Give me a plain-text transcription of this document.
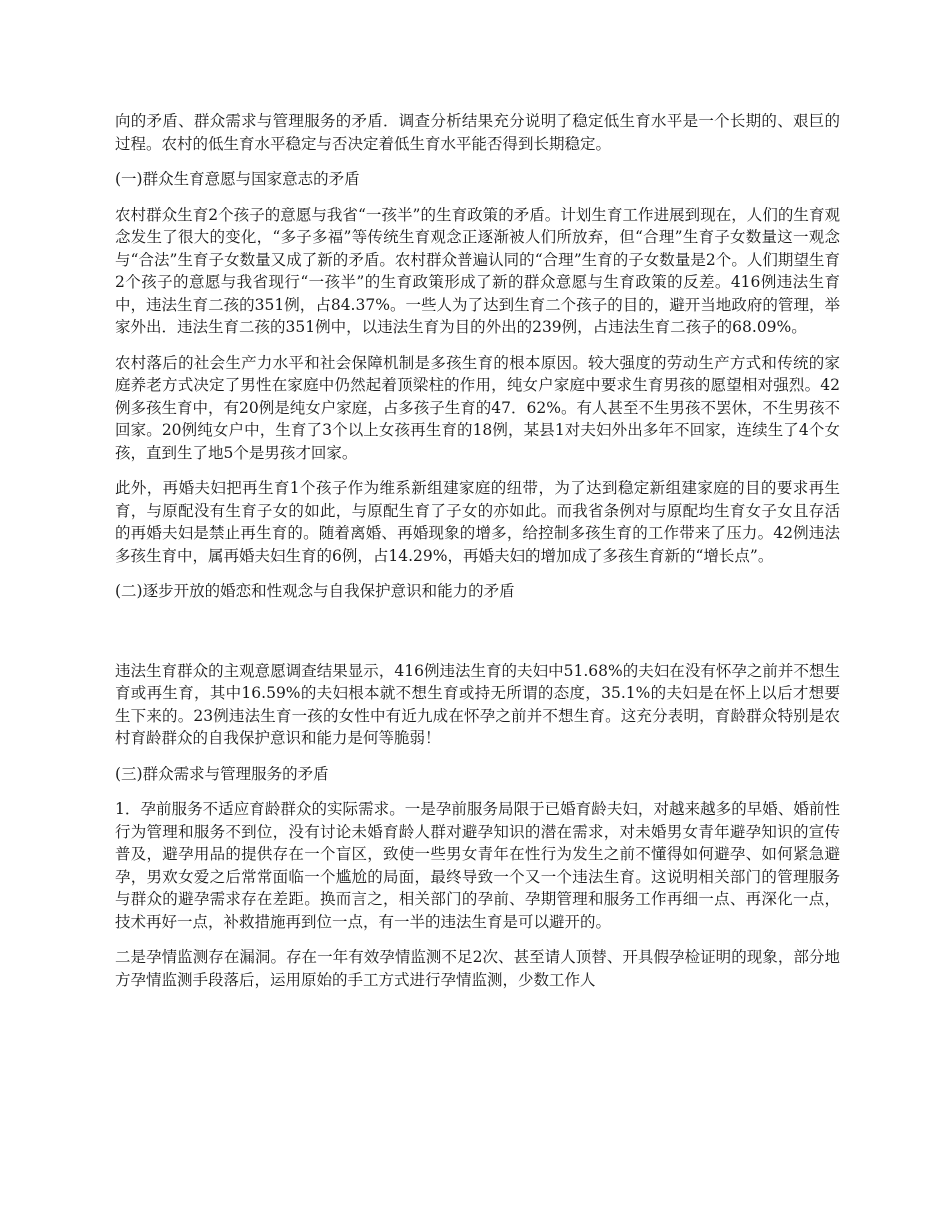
向的矛盾、群众需求与管理服务的矛盾．调查分析结果充分说明了稳定低生育水平是一个长期的、艰巨的过程。农村的低生育水平稳定与否决定着低生育水平能否得到长期稳定。

(一)群众生育意愿与国家意志的矛盾

农村群众生育2个孩子的意愿与我省“一孩半”的生育政策的矛盾。计划生育工作进展到现在，人们的生育观念发生了很大的变化，“多子多福”等传统生育观念正逐渐被人们所放弃，但“合理”生育子女数量这一观念与“合法”生育子女数量又成了新的矛盾。农村群众普遍认同的“合理”生育的子女数量是2个。人们期望生育2个孩子的意愿与我省现行“一孩半”的生育政策形成了新的群众意愿与生育政策的反差。416例违法生育中，违法生育二孩的351例，占84.37%。一些人为了达到生育二个孩子的目的，避开当地政府的管理，举家外出．违法生育二孩的351例中，以违法生育为目的外出的239例，占违法生育二孩子的68.09%。

农村落后的社会生产力水平和社会保障机制是多孩生育的根本原因。较大强度的劳动生产方式和传统的家庭养老方式决定了男性在家庭中仍然起着顶梁柱的作用，纯女户家庭中要求生育男孩的愿望相对强烈。42例多孩生育中，有20例是纯女户家庭，占多孩子生育的47．62%。有人甚至不生男孩不罢休，不生男孩不回家。20例纯女户中，生育了3个以上女孩再生育的18例，某县1对夫妇外出多年不回家，连续生了4个女孩，直到生了地5个是男孩才回家。

此外，再婚夫妇把再生育1个孩子作为维系新组建家庭的纽带，为了达到稳定新组建家庭的目的要求再生育，与原配没有生育子女的如此，与原配生育了子女的亦如此。而我省条例对与原配均生育女子女且存活的再婚夫妇是禁止再生育的。随着离婚、再婚现象的增多，给控制多孩生育的工作带来了压力。42例违法多孩生育中，属再婚夫妇生育的6例，占14.29%，再婚夫妇的增加成了多孩生育新的“增长点”。

(二)逐步开放的婚恋和性观念与自我保护意识和能力的矛盾

违法生育群众的主观意愿调查结果显示，416例违法生育的夫妇中51.68%的夫妇在没有怀孕之前并不想生育或再生育，其中16.59%的夫妇根本就不想生育或持无所谓的态度，35.1%的夫妇是在怀上以后才想要生下来的。23例违法生育一孩的女性中有近九成在怀孕之前并不想生育。这充分表明，育龄群众特别是农村育龄群众的自我保护意识和能力是何等脆弱！

(三)群众需求与管理服务的矛盾

1．孕前服务不适应育龄群众的实际需求。一是孕前服务局限于已婚育龄夫妇，对越来越多的早婚、婚前性行为管理和服务不到位，没有讨论未婚育龄人群对避孕知识的潜在需求，对未婚男女青年避孕知识的宣传普及，避孕用品的提供存在一个盲区，致使一些男女青年在性行为发生之前不懂得如何避孕、如何紧急避孕，男欢女爱之后常常面临一个尴尬的局面，最终导致一个又一个违法生育。这说明相关部门的管理服务与群众的避孕需求存在差距。换而言之，相关部门的孕前、孕期管理和服务工作再细一点、再深化一点，技术再好一点，补救措施再到位一点，有一半的违法生育是可以避开的。

二是孕情监测存在漏洞。存在一年有效孕情监测不足2次、甚至请人顶替、开具假孕检证明的现象，部分地方孕情监测手段落后，运用原始的手工方式进行孕情监测，少数工作人
